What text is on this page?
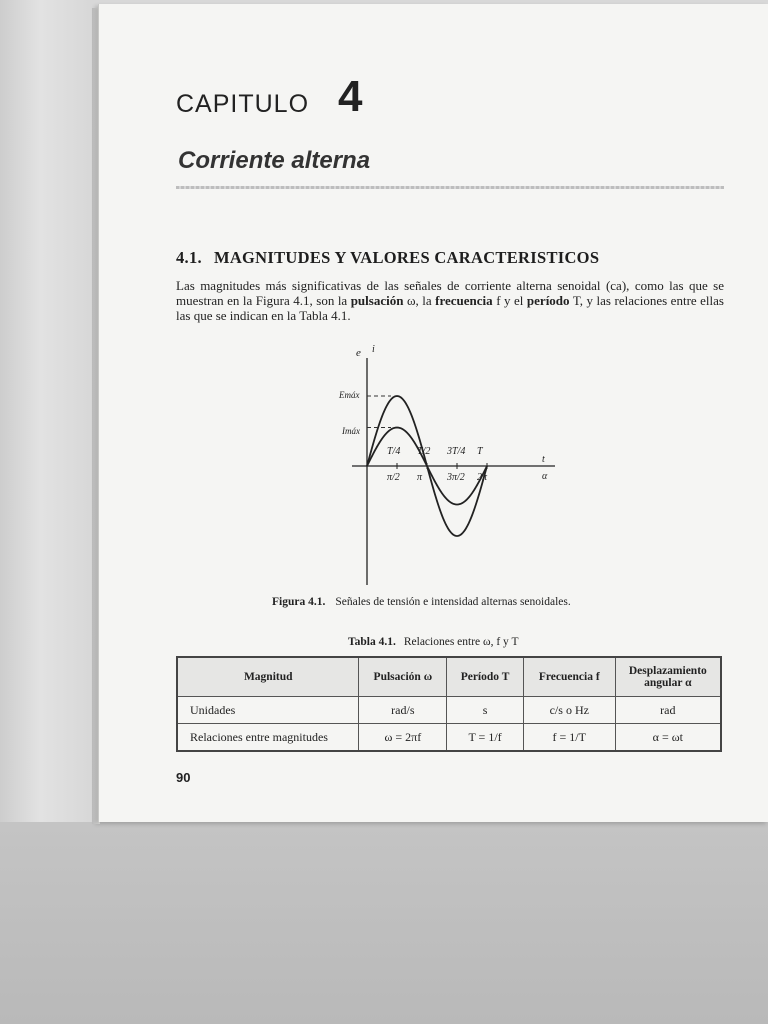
CAPITULO 4
Corriente alterna
4.1. MAGNITUDES Y VALORES CARACTERISTICOS
Las magnitudes más significativas de las señales de corriente alterna senoidal (ca), como las que se muestran en la Figura 4.1, son la pulsación ω, la frecuencia f y el período T, y las relaciones entre ellas las que se indican en la Tabla 4.1.
e i
Emáx
Imáx
t
α
T/4 T/2 3T/4 T
π/2 π 3π/2 2π
Figura 4.1. Señales de tensión e intensidad alternas senoidales.
Tabla 4.1. Relaciones entre ω, f y T
Magnitud	Pulsación ω	Período T	Frecuencia f	Desplazamiento angular α
Unidades	rad/s	s	c/s o Hz	rad
Relaciones entre magnitudes	ω = 2πf	T = 1/f	f = 1/T	α = ωt
90
